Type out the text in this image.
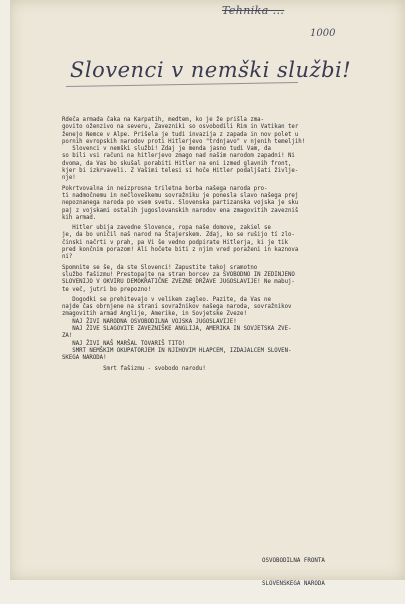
Tehnika ...
1000
Slovenci v nemški službi!
Rdeča armada čaka na Karpatih, medtem, ko je že prišla zma-
govito oženzivo na severu, Zavezniki so osvobodili Rim in Vatikan ter
ženejo Nemce v Alpe. Prišela je tudi invazija z zapada in nov polet u
pornih evropskih narodov proti Hitlerjevo "trdnjavo" v njenih temeljih!
Slovenci v nemški službi! Zdaj je menda jasno tudi Vam, da
so bili vsi računi na hitlerjevo zmago nad našim narodom zapadni! Ni
dvoma, da Vas bo skušal porabiti Hitler na eni izmed glavnih front,
kjer bi izkrvaveli. Z Vašimi telesi si hoče Hitler podaljšati življe-
nje!
Pokrtvovalna in neizprosna triletna borba našega naroda pro-
ti nadmočnemu in nečloveškemu sovražniku je ponesla slavo našega prej
nepoznanega naroda po vsem svetu. Slovenska partizanska vojska je sku
paj z vojskami ostalih jugoslovanskih narodov ena zmagovitih zavezniš
kih armad.
Hitler ubija zavedne Slovence, ropa naše domove, zakiel se
je, da bo uničil naš narod na Štajerskem. Zdaj, ko se rušijo tí zlo-
činski načrti v prah, pa Vi še vedno podpirate Hitlerja, ki je tik
pred končnim porazom! Ali hočete biti z njim vred poraženi in kaznova
ni?
Spomnite se še, da ste Slovenci! Zapustite takoj sramotno
službo fašizmu! Prestopajte na stran borcev za SVOBODNO IN ZEDINJENO
SLOVENIJO V OKVIRU DEMOKRATIČNE ZVEZNE DRŽAVE JUGOSLAVIJE! Ne mabuj-
te več, jutri bo prepozno!
Dogodki se prehitevajo v velikem zagleo. Pazite, da Vas ne
najde čas obrnjene na strani sovražnikov našega naroda, sovražnikov
zmagovitih armad Anglije, Amerike, in Sovjetske Zveze!
NAJ ŽIVI NARODNA OSVOBODILNA VOJSKA JUGOSLAVIJE!
NAJ ŽIVE SLAGOVITE ZAVEZNIŠKE ANGLIJA, AMERIKA IN SOVJETSKA ZVE-
ZA!
NAJ ŽIVI NAŠ MARŠAL TOVARIŠ TITO!
SMRT NEMŠKIM OKUPATORJEM IN NJIHOVIM HLAPCEM, IZDAJALCEM SLOVEN-
SKEGA NARODA!
Smrt fašizmu - svobodo narodu!

OSVOBODILNA FRONTA

SLOVENSKEGA NARODA
